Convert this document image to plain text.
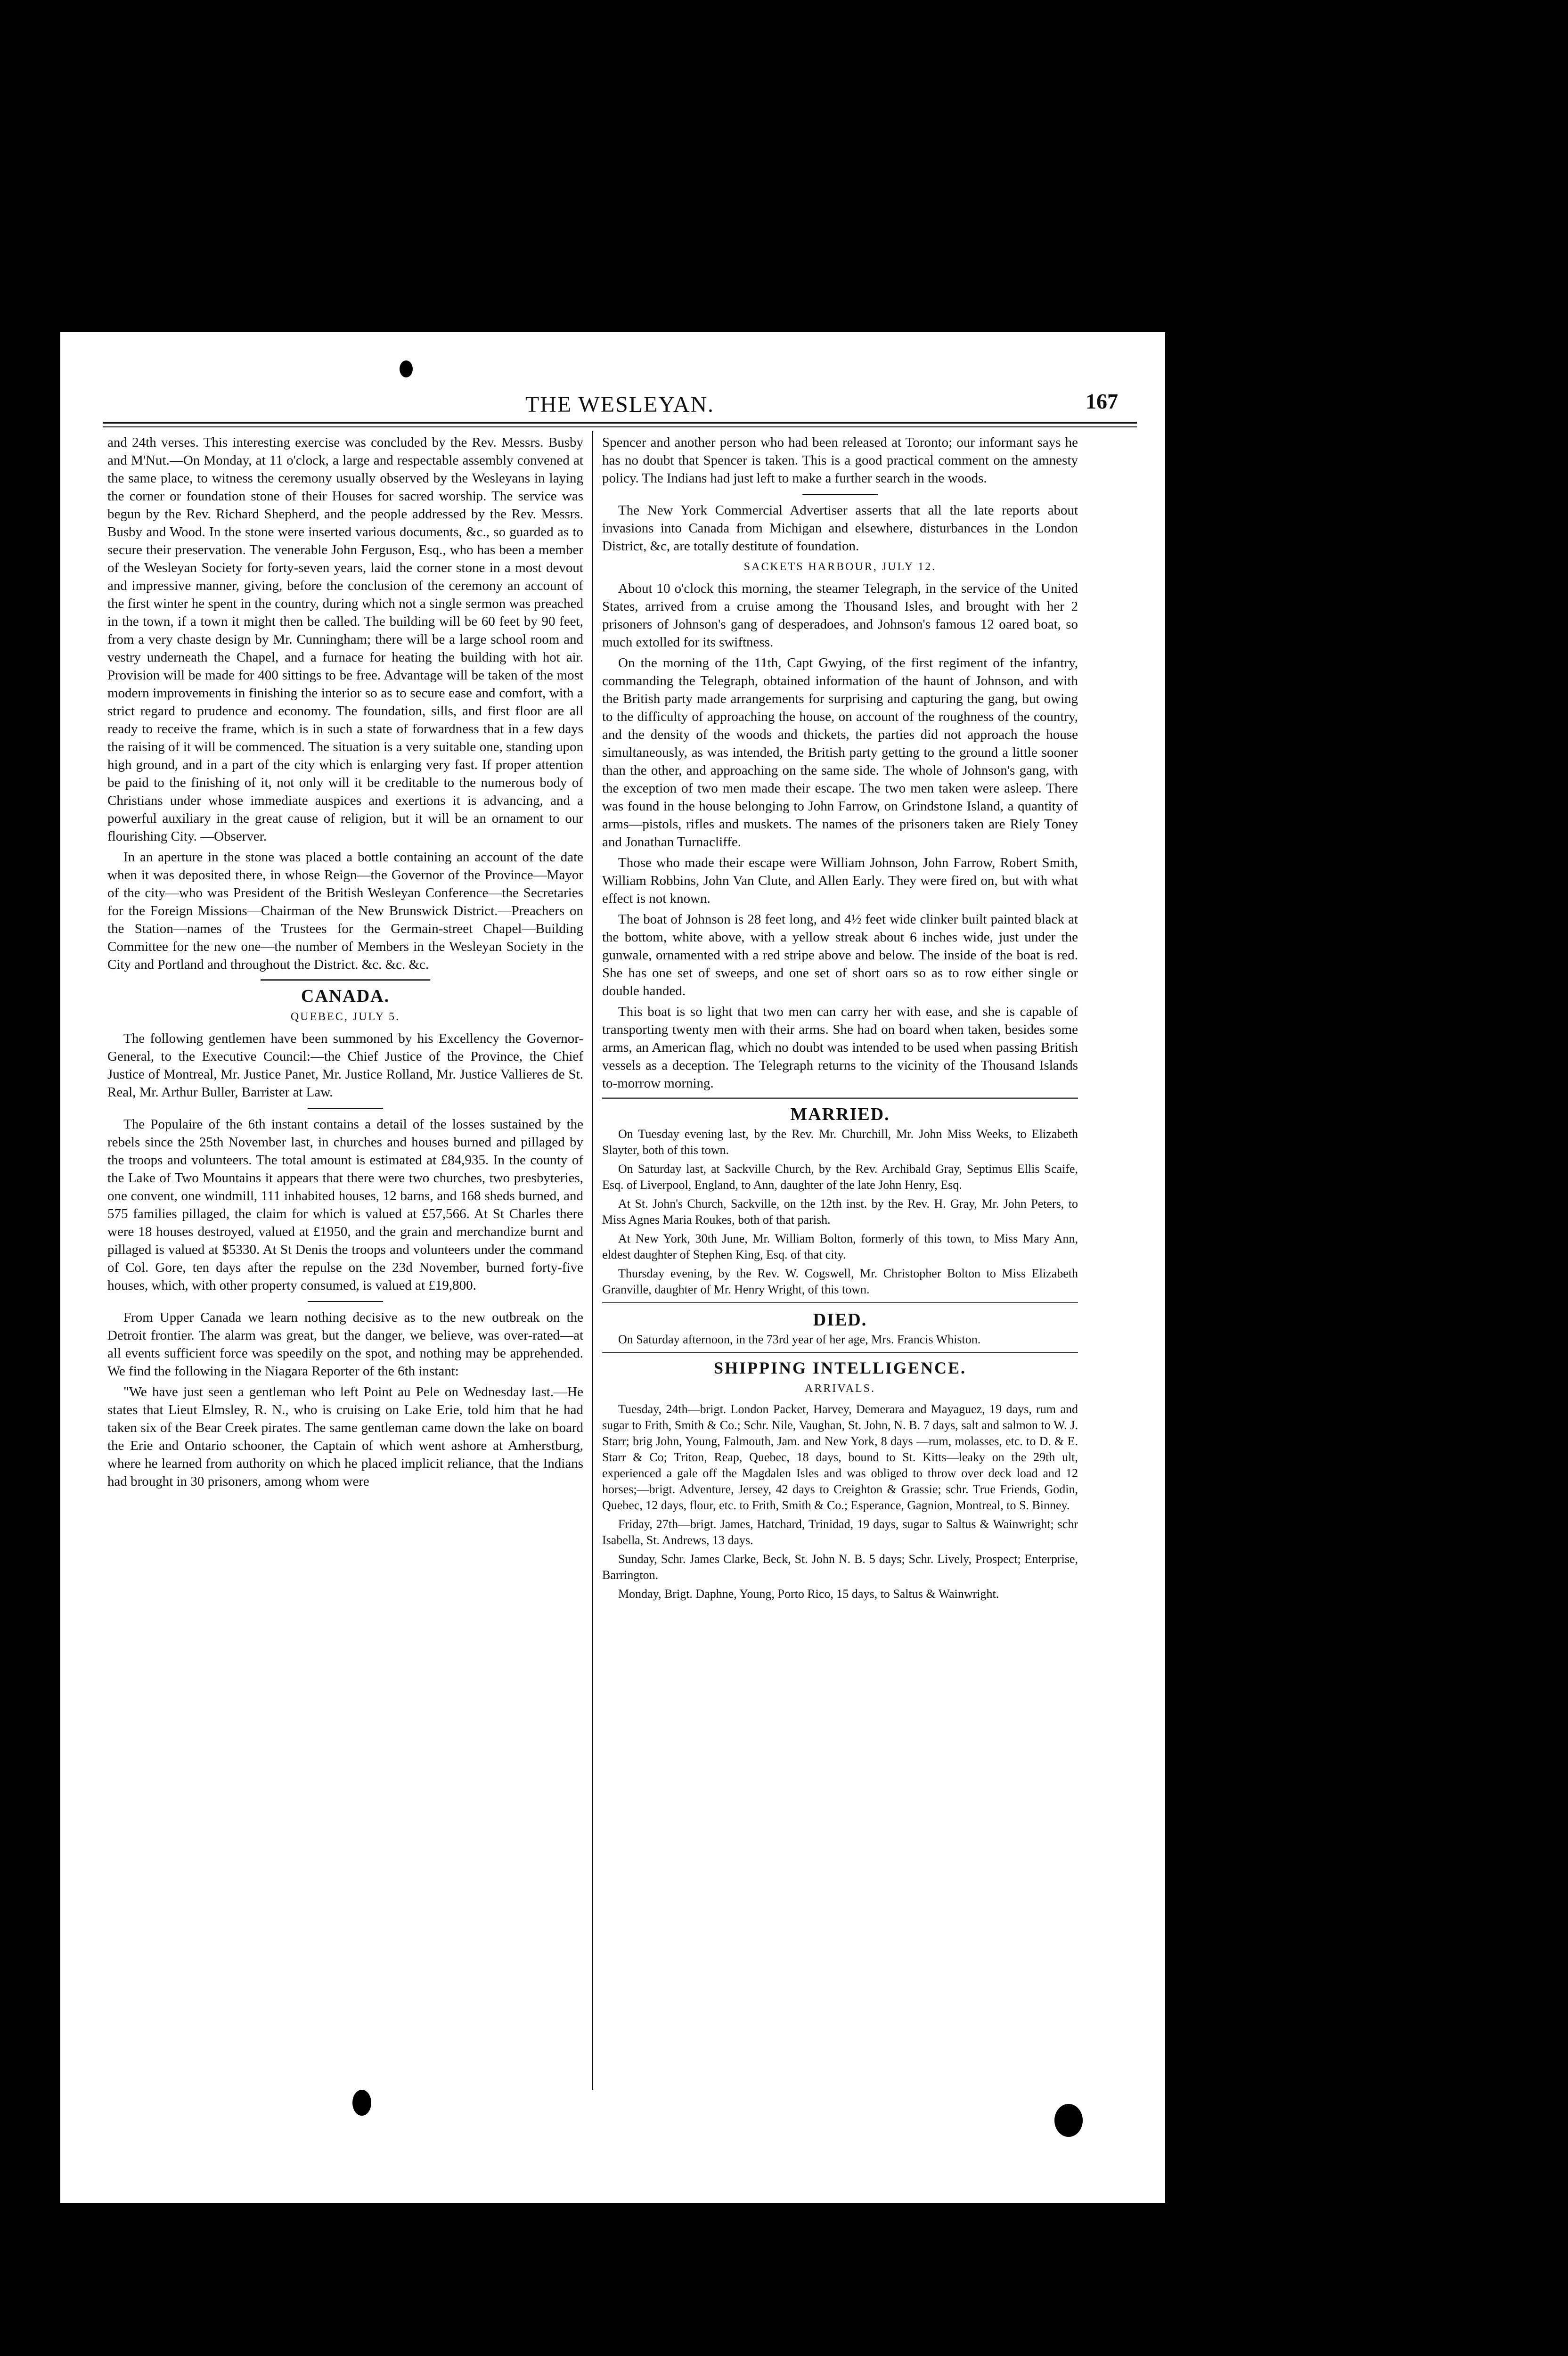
THE WESLEYAN.	167

and 24th verses. This interesting exercise was concluded by the Rev. Messrs. Busby and M'Nut.—On Monday, at 11 o'clock, a large and respectable assembly convened at the same place, to witness the ceremony usually observed by the Wesleyans in laying the corner or foundation stone of their Houses for sacred worship. The service was begun by the Rev. Richard Shepherd, and the people addressed by the Rev. Messrs. Busby and Wood. In the stone were inserted various documents, &c., so guarded as to secure their preservation. The venerable John Ferguson, Esq., who has been a member of the Wesleyan Society for forty-seven years, laid the corner stone in a most devout and impressive manner, giving, before the conclusion of the ceremony an account of the first winter he spent in the country, during which not a single sermon was preached in the town, if a town it might then be called. The building will be 60 feet by 90 feet, from a very chaste design by Mr. Cunningham; there will be a large school room and vestry underneath the Chapel, and a furnace for heating the building with hot air. Provision will be made for 400 sittings to be free. Advantage will be taken of the most modern improvements in finishing the interior so as to secure ease and comfort, with a strict regard to prudence and economy. The foundation, sills, and first floor are all ready to receive the frame, which is in such a state of forwardness that in a few days the raising of it will be commenced. The situation is a very suitable one, standing upon high ground, and in a part of the city which is enlarging very fast. If proper attention be paid to the finishing of it, not only will it be creditable to the numerous body of Christians under whose immediate auspices and exertions it is advancing, and a powerful auxiliary in the great cause of religion, but it will be an ornament to our flourishing City. —Observer.

In an aperture in the stone was placed a bottle containing an account of the date when it was deposited there, in whose Reign—the Governor of the Province—Mayor of the city—who was President of the British Wesleyan Conference—the Secretaries for the Foreign Missions—Chairman of the New Brunswick District.—Preachers on the Station—names of the Trustees for the Germain-street Chapel—Building Committee for the new one—the number of Members in the Wesleyan Society in the City and Portland and throughout the District. &c. &c. &c.

CANADA.
QUEBEC, JULY 5.

The following gentlemen have been summoned by his Excellency the Governor-General, to the Executive Council:—the Chief Justice of the Province, the Chief Justice of Montreal, Mr. Justice Panet, Mr. Justice Rolland, Mr. Justice Vallieres de St. Real, Mr. Arthur Buller, Barrister at Law.

The Populaire of the 6th instant contains a detail of the losses sustained by the rebels since the 25th November last, in churches and houses burned and pillaged by the troops and volunteers. The total amount is estimated at £84,935. In the county of the Lake of Two Mountains it appears that there were two churches, two presbyteries, one convent, one windmill, 111 inhabited houses, 12 barns, and 168 sheds burned, and 575 families pillaged, the claim for which is valued at £57,566. At St Charles there were 18 houses destroyed, valued at £1950, and the grain and merchandize burnt and pillaged is valued at $5330. At St Denis the troops and volunteers under the command of Col. Gore, ten days after the repulse on the 23d November, burned forty-five houses, which, with other property consumed, is valued at £19,800.

From Upper Canada we learn nothing decisive as to the new outbreak on the Detroit frontier. The alarm was great, but the danger, we believe, was over-rated—at all events sufficient force was speedily on the spot, and nothing may be apprehended. We find the following in the Niagara Reporter of the 6th instant:

"We have just seen a gentleman who left Point au Pele on Wednesday last.—He states that Lieut Elmsley, R. N., who is cruising on Lake Erie, told him that he had taken six of the Bear Creek pirates. The same gentleman came down the lake on board the Erie and Ontario schooner, the Captain of which went ashore at Amherstburg, where he learned from authority on which he placed implicit reliance, that the Indians had brought in 30 prisoners, among whom were

Spencer and another person who had been released at Toronto; our informant says he has no doubt that Spencer is taken. This is a good practical comment on the amnesty policy. The Indians had just left to make a further search in the woods.

The New York Commercial Advertiser asserts that all the late reports about invasions into Canada from Michigan and elsewhere, disturbances in the London District, &c, are totally destitute of foundation.

SACKETS HARBOUR, JULY 12.

About 10 o'clock this morning, the steamer Telegraph, in the service of the United States, arrived from a cruise among the Thousand Isles, and brought with her 2 prisoners of Johnson's gang of desperadoes, and Johnson's famous 12 oared boat, so much extolled for its swiftness.

On the morning of the 11th, Capt Gwying, of the first regiment of the infantry, commanding the Telegraph, obtained information of the haunt of Johnson, and with the British party made arrangements for surprising and capturing the gang, but owing to the difficulty of approaching the house, on account of the roughness of the country, and the density of the woods and thickets, the parties did not approach the house simultaneously, as was intended, the British party getting to the ground a little sooner than the other, and approaching on the same side. The whole of Johnson's gang, with the exception of two men made their escape. The two men taken were asleep. There was found in the house belonging to John Farrow, on Grindstone Island, a quantity of arms—pistols, rifles and muskets. The names of the prisoners taken are Riely Toney and Jonathan Turnacliffe.

Those who made their escape were William Johnson, John Farrow, Robert Smith, William Robbins, John Van Clute, and Allen Early. They were fired on, but with what effect is not known.

The boat of Johnson is 28 feet long, and 4½ feet wide clinker built painted black at the bottom, white above, with a yellow streak about 6 inches wide, just under the gunwale, ornamented with a red stripe above and below. The inside of the boat is red. She has one set of sweeps, and one set of short oars so as to row either single or double handed.

This boat is so light that two men can carry her with ease, and she is capable of transporting twenty men with their arms. She had on board when taken, besides some arms, an American flag, which no doubt was intended to be used when passing British vessels as a deception. The Telegraph returns to the vicinity of the Thousand Islands to-morrow morning.

MARRIED.

On Tuesday evening last, by the Rev. Mr. Churchill, Mr. John Miss Weeks, to Elizabeth Slayter, both of this town.

On Saturday last, at Sackville Church, by the Rev. Archibald Gray, Septimus Ellis Scaife, Esq. of Liverpool, England, to Ann, daughter of the late John Henry, Esq.

At St. John's Church, Sackville, on the 12th inst. by the Rev. H. Gray, Mr. John Peters, to Miss Agnes Maria Roukes, both of that parish.

At New York, 30th June, Mr. William Bolton, formerly of this town, to Miss Mary Ann, eldest daughter of Stephen King, Esq. of that city.

Thursday evening, by the Rev. W. Cogswell, Mr. Christopher Bolton to Miss Elizabeth Granville, daughter of Mr. Henry Wright, of this town.

DIED.

On Saturday afternoon, in the 73rd year of her age, Mrs. Francis Whiston.

SHIPPING INTELLIGENCE.
ARRIVALS.

Tuesday, 24th—brigt. London Packet, Harvey, Demerara and Mayaguez, 19 days, rum and sugar to Frith, Smith & Co.; Schr. Nile, Vaughan, St. John, N. B. 7 days, salt and salmon to W. J. Starr; brig John, Young, Falmouth, Jam. and New York, 8 days —rum, molasses, etc. to D. & E. Starr & Co; Triton, Reap, Quebec, 18 days, bound to St. Kitts—leaky on the 29th ult, experienced a gale off the Magdalen Isles and was obliged to throw over deck load and 12 horses;—brigt. Adventure, Jersey, 42 days to Creighton & Grassie; schr. True Friends, Godin, Quebec, 12 days, flour, etc. to Frith, Smith & Co.; Esperance, Gagnion, Montreal, to S. Binney.

Friday, 27th—brigt. James, Hatchard, Trinidad, 19 days, sugar to Saltus & Wainwright; schr Isabella, St. Andrews, 13 days.

Sunday, Schr. James Clarke, Beck, St. John N. B. 5 days; Schr. Lively, Prospect; Enterprise, Barrington.

Monday, Brigt. Daphne, Young, Porto Rico, 15 days, to Saltus & Wainwright.
